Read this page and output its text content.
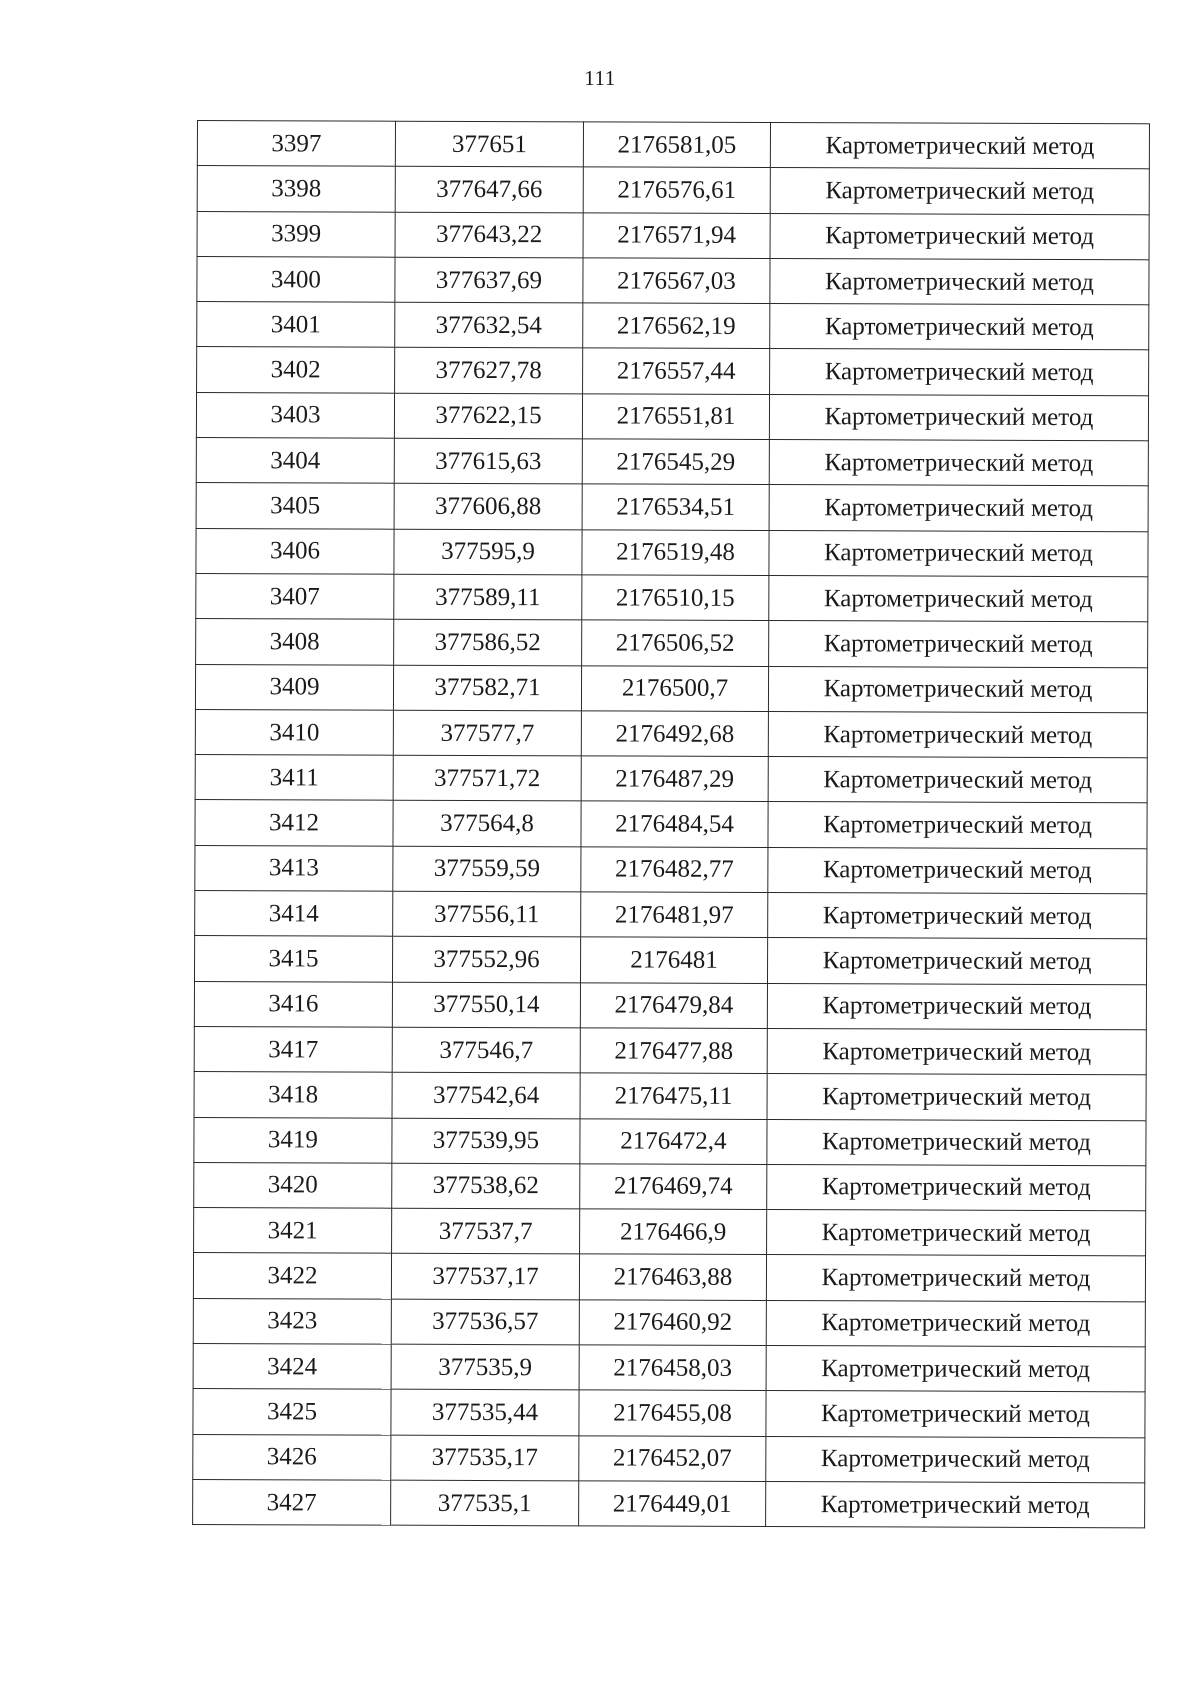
111
3397	377651	2176581,05	Картометрический метод
3398	377647,66	2176576,61	Картометрический метод
3399	377643,22	2176571,94	Картометрический метод
3400	377637,69	2176567,03	Картометрический метод
3401	377632,54	2176562,19	Картометрический метод
3402	377627,78	2176557,44	Картометрический метод
3403	377622,15	2176551,81	Картометрический метод
3404	377615,63	2176545,29	Картометрический метод
3405	377606,88	2176534,51	Картометрический метод
3406	377595,9	2176519,48	Картометрический метод
3407	377589,11	2176510,15	Картометрический метод
3408	377586,52	2176506,52	Картометрический метод
3409	377582,71	2176500,7	Картометрический метод
3410	377577,7	2176492,68	Картометрический метод
3411	377571,72	2176487,29	Картометрический метод
3412	377564,8	2176484,54	Картометрический метод
3413	377559,59	2176482,77	Картометрический метод
3414	377556,11	2176481,97	Картометрический метод
3415	377552,96	2176481	Картометрический метод
3416	377550,14	2176479,84	Картометрический метод
3417	377546,7	2176477,88	Картометрический метод
3418	377542,64	2176475,11	Картометрический метод
3419	377539,95	2176472,4	Картометрический метод
3420	377538,62	2176469,74	Картометрический метод
3421	377537,7	2176466,9	Картометрический метод
3422	377537,17	2176463,88	Картометрический метод
3423	377536,57	2176460,92	Картометрический метод
3424	377535,9	2176458,03	Картометрический метод
3425	377535,44	2176455,08	Картометрический метод
3426	377535,17	2176452,07	Картометрический метод
3427	377535,1	2176449,01	Картометрический метод
